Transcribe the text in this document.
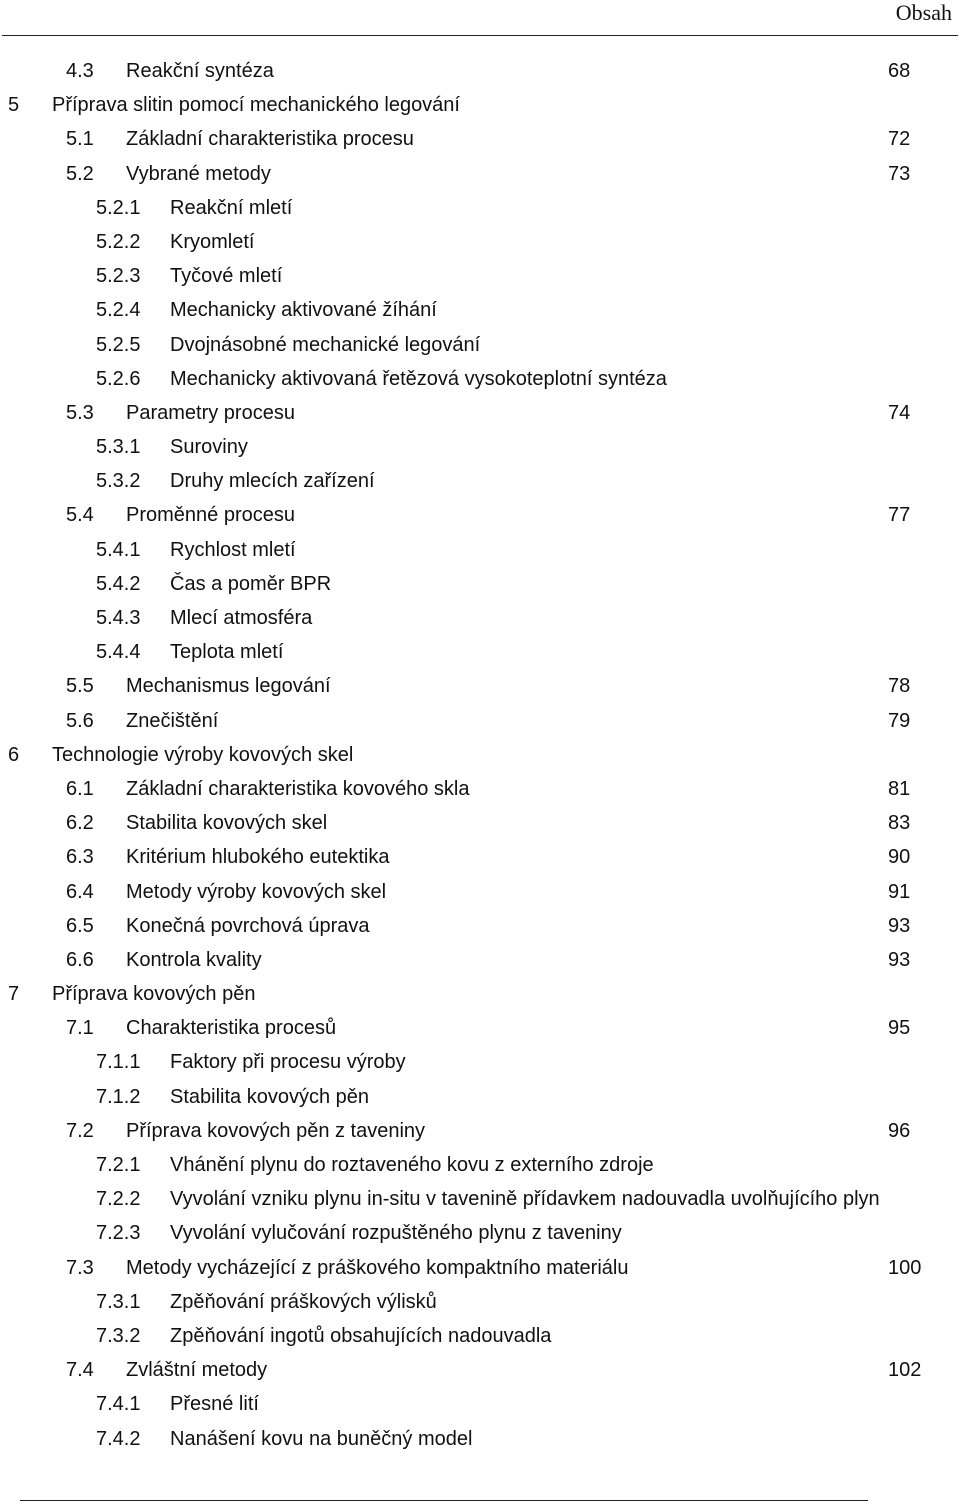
Obsah
4.3 Reakční syntéza	68
5 Příprava slitin pomocí mechanického legování
5.1 Základní charakteristika procesu	72
5.2 Vybrané metody	73
5.2.1 Reakční mletí
5.2.2 Kryomletí
5.2.3 Tyčové mletí
5.2.4 Mechanicky aktivované žíhání
5.2.5 Dvojnásobné mechanické legování
5.2.6 Mechanicky aktivovaná řetězová vysokoteplotní syntéza
5.3 Parametry procesu	74
5.3.1 Suroviny
5.3.2 Druhy mlecích zařízení
5.4 Proměnné procesu	77
5.4.1 Rychlost mletí
5.4.2 Čas a poměr BPR
5.4.3 Mlecí atmosféra
5.4.4 Teplota mletí
5.5 Mechanismus legování	78
5.6 Znečištění	79
6 Technologie výroby kovových skel
6.1 Základní charakteristika kovového skla	81
6.2 Stabilita kovových skel	83
6.3 Kritérium hlubokého eutektika	90
6.4 Metody výroby kovových skel	91
6.5 Konečná povrchová úprava	93
6.6 Kontrola kvality	93
7 Příprava kovových pěn
7.1 Charakteristika procesů	95
7.1.1 Faktory při procesu výroby
7.1.2 Stabilita kovových pěn
7.2 Příprava kovových pěn z taveniny	96
7.2.1 Vhánění plynu do roztaveného kovu z externího zdroje
7.2.2 Vyvolání vzniku plynu in-situ v tavenině přídavkem nadouvadla uvolňujícího plyn
7.2.3 Vyvolání vylučování rozpuštěného plynu z taveniny
7.3 Metody vycházející z práškového kompaktního materiálu	100
7.3.1 Zpěňování práškových výlisků
7.3.2 Zpěňování ingotů obsahujících nadouvadla
7.4 Zvláštní metody	102
7.4.1 Přesné lití
7.4.2 Nanášení kovu na buněčný model
